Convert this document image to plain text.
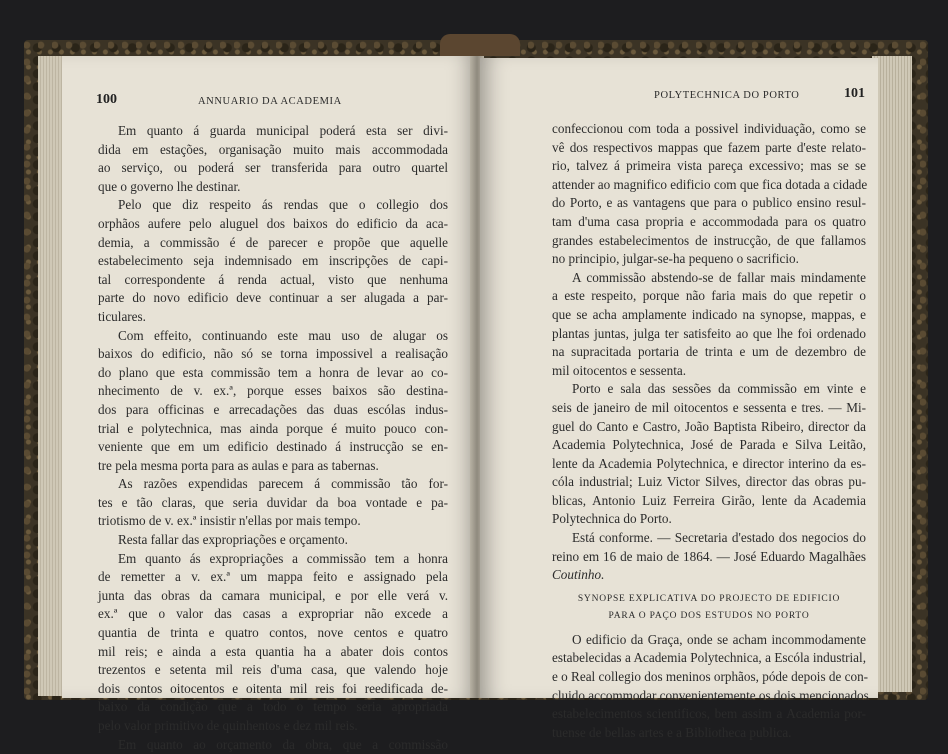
100	ANNUARIO DA ACADEMIA
Em quanto á guarda municipal poderá esta ser divi-
dida em estações, organisação muito mais accommodada
ao serviço, ou poderá ser transferida para outro quartel
que o governo lhe destinar.
Pelo que diz respeito ás rendas que o collegio dos
orphãos aufere pelo aluguel dos baixos do edificio da aca-
demia, a commissão é de parecer e propõe que aquelle
estabelecimento seja indemnisado em inscripções de capi-
tal correspondente á renda actual, visto que nenhuma
parte do novo edificio deve continuar a ser alugada a par-
ticulares.
Com effeito, continuando este mau uso de alugar os
baixos do edificio, não só se torna impossivel a realisação
do plano que esta commissão tem a honra de levar ao co-
nhecimento de v. ex.ª, porque esses baixos são destina-
dos para officinas e arrecadações das duas escólas indus-
trial e polytechnica, mas ainda porque é muito pouco con-
veniente que em um edificio destinado á instrucção se en-
tre pela mesma porta para as aulas e para as tabernas.
As razões expendidas parecem á commissão tão for-
tes e tão claras, que seria duvidar da boa vontade e pa-
triotismo de v. ex.ª insistir n'ellas por mais tempo.
Resta fallar das expropriações e orçamento.
Em quanto ás expropriações a commissão tem a honra
de remetter a v. ex.ª um mappa feito e assignado pela
junta das obras da camara municipal, e por elle verá v.
ex.ª que o valor das casas a expropriar não excede a
quantia de trinta e quatro contos, nove centos e quatro
mil reis; e ainda a esta quantia ha a abater dois contos
trezentos e setenta mil reis d'uma casa, que valendo hoje
dois contos oitocentos e oitenta mil reis foi reedificada de-
baixo da condição que a todo o tempo seria apropriada
pelo valor primitivo de quinhentos e dez mil reis.
Em quanto ao orçamento da obra, que a commissão
POLYTECHNICA DO PORTO	101
confeccionou com toda a possivel individuação, como se
vê dos respectivos mappas que fazem parte d'este relato-
rio, talvez á primeira vista pareça excessivo; mas se se
attender ao magnifico edificio com que fica dotada a cidade
do Porto, e as vantagens que para o publico ensino resul-
tam d'uma casa propria e accommodada para os quatro
grandes estabelecimentos de instrucção, de que fallamos
no principio, julgar-se-ha pequeno o sacrificio.
A commissão abstendo-se de fallar mais mindamente
a este respeito, porque não faria mais do que repetir o
que se acha amplamente indicado na synopse, mappas, e
plantas juntas, julga ter satisfeito ao que lhe foi ordenado
na supracitada portaria de trinta e um de dezembro de
mil oitocentos e sessenta.
Porto e sala das sessões da commissão em vinte e
seis de janeiro de mil oitocentos e sessenta e tres. — Mi-
guel do Canto e Castro, João Baptista Ribeiro, director da
Academia Polytechnica, José de Parada e Silva Leitão,
lente da Academia Polytechnica, e director interino da es-
cóla industrial; Luiz Victor Silves, director das obras pu-
blicas, Antonio Luiz Ferreira Girão, lente da Academia
Polytechnica do Porto.
Está conforme. — Secretaria d'estado dos negocios do
reino em 16 de maio de 1864. — José Eduardo Magalhães
Coutinho.
SYNOPSE EXPLICATIVA DO PROJECTO DE EDIFICIO
PARA O PAÇO DOS ESTUDOS NO PORTO
O edificio da Graça, onde se acham incommodamente
estabelecidas a Academia Polytechnica, a Escóla industrial,
e o Real collegio dos meninos orphãos, póde depois de con-
cluido accommodar convenientemente os dois mencionados
estabelecimentos scientificos, bem assim a Academia por-
tuense de bellas artes e a Bibliotheca publica.
